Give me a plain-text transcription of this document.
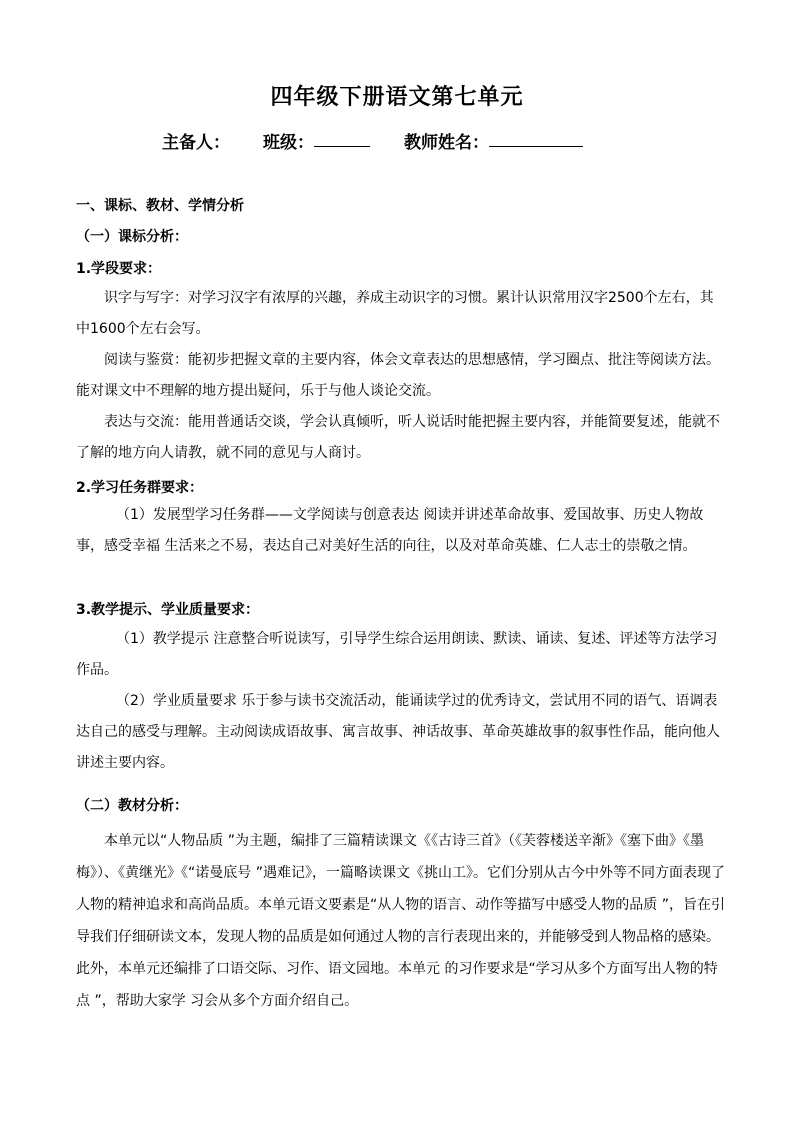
四年级下册语文第七单元
主备人： 班级：	教师姓名：
一、课标、教材、学情分析
（一）课标分析：
1.学段要求：

识字与写字：对学习汉字有浓厚的兴趣，养成主动识字的习惯。累计认识常用汉字2500个左右，其中1600个左右会写。

阅读与鉴赏：能初步把握文章的主要内容，体会文章表达的思想感情，学习圈点、批注等阅读方法。能对课文中不理解的地方提出疑问，乐于与他人谈论交流。

表达与交流：能用普通话交谈，学会认真倾听，听人说话时能把握主要内容，并能简要复述，能就不了解的地方向人请教，就不同的意见与人商讨。

2.学习任务群要求：

（1）发展型学习任务群——文学阅读与创意表达 阅读并讲述革命故事、爱国故事、历史人物故事，感受幸福 生活来之不易，表达自己对美好生活的向往，以及对革命英雄、仁人志士的崇敬之情。

3.教学提示、学业质量要求：

（1）教学提示 注意整合听说读写，引导学生综合运用朗读、默读、诵读、复述、评述等方法学习作品。

（2）学业质量要求 乐于参与读书交流活动，能诵读学过的优秀诗文，尝试用不同的语气、语调表达自己的感受与理解。主动阅读成语故事、寓言故事、神话故事、革命英雄故事的叙事性作品，能向他人讲述主要内容。

（二）教材分析：

本单元以“人物品质 ”为主题，编排了三篇精读课文《《古诗三首》（《芙蓉楼送辛渐》《塞下曲》《墨梅》）、《黄继光》《“诺曼底号 ”遇难记》，一篇略读课文《挑山工》。它们分别从古今中外等不同方面表现了人物的精神追求和高尚品质。本单元语文要素是“从人物的语言、动作等描写中感受人物的品质 ”，旨在引导我们仔细研读文本，发现人物的品质是如何通过人物的言行表现出来的，并能够受到人物品格的感染。此外，本单元还编排了口语交际、习作、语文园地。本单元 的习作要求是“学习从多个方面写出人物的特点 ”，帮助大家学 习会从多个方面介绍自己。
